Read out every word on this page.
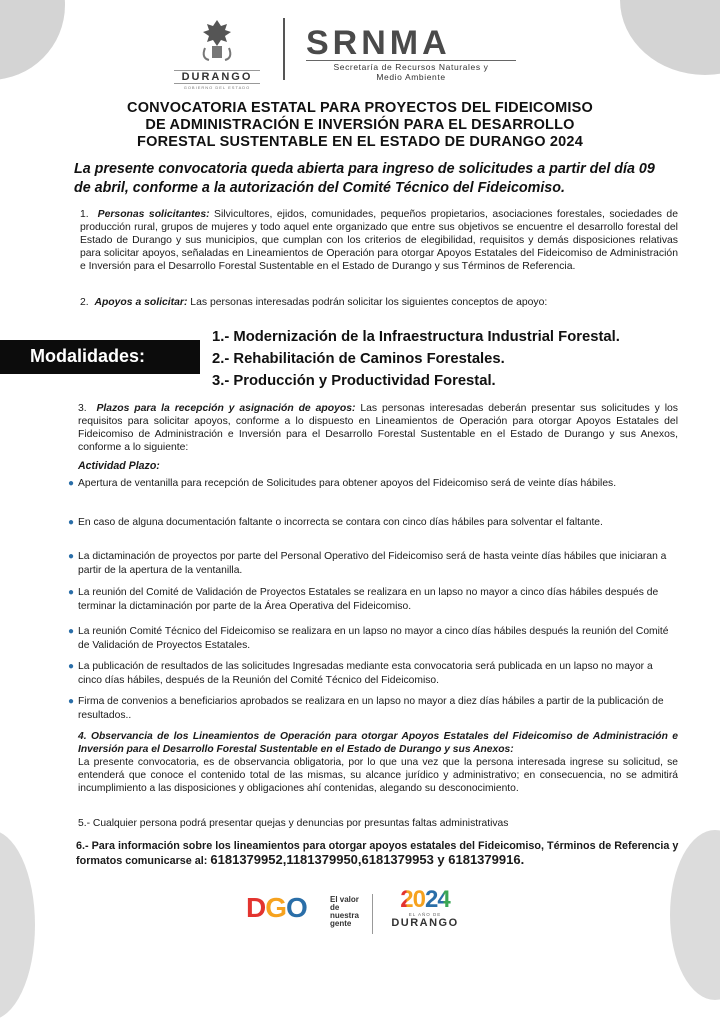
DURANGO
GOBIERNO DEL ESTADO
SRNMA
Secretaría de Recursos Naturales y
Medio Ambiente
CONVOCATORIA ESTATAL PARA PROYECTOS DEL FIDEICOMISO
DE ADMINISTRACIÓN E INVERSIÓN PARA EL DESARROLLO
FORESTAL SUSTENTABLE EN EL ESTADO DE DURANGO 2024
La presente convocatoria queda abierta para ingreso de solicitudes a partir del día 09 de abril, conforme a la autorización del Comité Técnico del Fideicomiso.
1. Personas solicitantes: Silvicultores, ejidos, comunidades, pequeños propietarios, asociaciones forestales, sociedades de producción rural, grupos de mujeres y todo aquel ente organizado que entre sus objetivos se encuentre el desarrollo forestal del Estado de Durango y sus municipios, que cumplan con los criterios de elegibilidad, requisitos y demás disposiciones relativas para solicitar apoyos, señaladas en Lineamientos de Operación para otorgar Apoyos Estatales del Fideicomiso de Administración e Inversión para el Desarrollo Forestal Sustentable en el Estado de Durango y sus Términos de Referencia.
2. Apoyos a solicitar: Las personas interesadas podrán solicitar los siguientes conceptos de apoyo:
Modalidades:
1.- Modernización de la Infraestructura Industrial Forestal.
2.- Rehabilitación de Caminos Forestales.
3.- Producción y Productividad Forestal.
3. Plazos para la recepción y asignación de apoyos: Las personas interesadas deberán presentar sus solicitudes y los requisitos para solicitar apoyos, conforme a lo dispuesto en Lineamientos de Operación para otorgar Apoyos Estatales del Fideicomiso de Administración e Inversión para el Desarrollo Forestal Sustentable en el Estado de Durango y sus Anexos, conforme a lo siguiente:
Actividad Plazo:
● Apertura de ventanilla para recepción de Solicitudes para obtener apoyos del Fideicomiso será de veinte días hábiles.
● En caso de alguna documentación faltante o incorrecta se contara con cinco días hábiles para solventar el faltante.
● La dictaminación de proyectos por parte del Personal Operativo del Fideicomiso será de hasta veinte días hábiles que iniciaran a partir de la apertura de la ventanilla.
● La reunión del Comité de Validación de Proyectos Estatales se realizara en un lapso no mayor a cinco días hábiles después de terminar la dictaminación por parte de la Área Operativa del Fideicomiso.
● La reunión Comité Técnico del Fideicomiso se realizara en un lapso no mayor a cinco días hábiles después la reunión del Comité de Validación de Proyectos Estatales.
● La publicación de resultados de las solicitudes Ingresadas mediante esta convocatoria será publicada en un lapso no mayor a cinco días hábiles, después de la Reunión del Comité Técnico del Fideicomiso.
● Firma de convenios a beneficiarios aprobados se realizara en un lapso no mayor a diez días hábiles a partir de la publicación de resultados..
4. Observancia de los Lineamientos de Operación para otorgar Apoyos Estatales del Fideicomiso de Administración e Inversión para el Desarrollo Forestal Sustentable en el Estado de Durango y sus Anexos:
La presente convocatoria, es de observancia obligatoria, por lo que una vez que la persona interesada ingrese su solicitud, se entenderá que conoce el contenido total de las mismas, su alcance jurídico y administrativo; en consecuencia, no se admitirá incumplimiento a las disposiciones y obligaciones ahí contenidas, alegando su desconocimiento.
5.- Cualquier persona podrá presentar quejas y denuncias por presuntas faltas administrativas
6.- Para información sobre los lineamientos para otorgar apoyos estatales del Fideicomiso, Términos de Referencia y formatos comunicarse al: 6181379952,1181379950,6181379953 y 6181379916.
DGO	El valor de nuestra gente
2024
EL AÑO DE
DURANGO
